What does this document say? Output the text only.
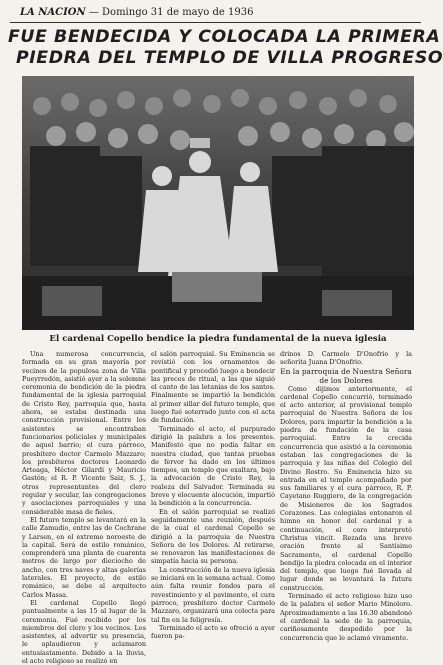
LA NACION — Domingo 31 de mayo de 1936
FUE BENDECIDA Y COLOCADA LA PRIMERA
PIEDRA DEL TEMPLO DE VILLA PROGRESO
El cardenal Copello bendice la piedra fundamental de la nueva iglesia

Una numerosa concurrencia, formada en su gran mayoría por vecinos de la populosa zona de Villa Pueyrredón, asistió ayer a la solemne ceremonia de bendición de la piedra fundamental de la iglesia parroquial de Cristo Rey, parroquia que, hasta ahora, se estaba destinada una construcción provisional. Entre los asistentes se encontraban funcionarios policiales y municipales de aquel barrio; el cura párroco, presbítero doctor Carmelo Mazzaro; los presbíteros doctores Leonardo Arteaga, Héctor Gilardi y Mauricio Gastón; el R. P. Vicente Saiz, S. J., otros representantes del clero regular y secular, las congregaciones y asociaciones parroquiales y una considerable masa de fieles.

El futuro templo se levantará en la calle Zamudio, entre las de Cochrane y Larsen, en el extremo noroeste de la capital. Será de estilo románico, comprenderá una planta de cuarenta metros de largo por dieciocho de ancho, con tres naves y altas galerías laterales. El proyecto, de estilo románico, se debe al arquitecto Carlos Massa.

El cardenal Copello llegó puntualmente a las 15 al lugar de la ceremonia. Fué recibido por los miembros del clero y los vecinos. Los asistentes, al advertir su presencia, le aplaudieron y aclamaron entusiastamente. Debido a la lluvia, el acto religioso se realizó en

el salón parroquial. Su Eminencia se revistió con los ornamentos de pontifical y procedió luego a bendecir las preces de ritual, a las que siguió el canto de las letanías de los santos. Finalmente se impartió la bendición al primer sillar del futuro templo, que luego fué soterrado junto con el acta de fundación.

Terminado el acto, el purpurado dirigió la palabra a los presentes. Manifestó que no podía faltar en nuestra ciudad, que tantas pruebas de fervor ha dado en los últimos tiempos, un templo que exaltara, bajo la advocación de Cristo Rey, la realeza del Salvador. Terminada su breve y elocuente alocución, impartió la bendición a la concurrencia.

En el salón parroquial se realizó seguidamente una reunión, después de la cual el cardenal Copello se dirigió a la parroquia de Nuestra Señora de los Dolores. Al retirarse, se renovaron las manifestaciones de simpatía hacia su persona.

La construcción de la nueva iglesia se iniciará en la semana actual. Como aún falta reunir fondos para el revestimiento y el pavimento, el cura párroco, presbítero doctor Carmelo Mazzaro, organizará una colecta para tal fin en la feligresía.

Terminado el acto se ofreció a ayer fueron pa-

drinos D. Carmelo D'Onofrio y la señorita Juana D'Onofrio.

En la parroquia de Nuestra Señora de los Dolores

Como dijimos anteriormente, el cardenal Copello concurrió, terminado el acto anterior, al provisional templo parroquial de Nuestra Señora de los Dolores, para impartir la bendición a la piedra de fundación de la casa parroquial. Entre la crecida concurrencia que asistió a la ceremonia estaban las congregaciones de la parroquia y las niñas del Colegio del Divino Rostro. Su Eminencia hizo su entrada en el templo acompañado por sus familiares y el cura párroco, R. P. Cayetano Ruggiero, de la congregación de Misioneros de los Sagrados Corazones. Las colegialas entonaron el himno en honor del cardenal y a continuación, el coro interpretó Christus vincit. Rezada una breve oración frente al Santísimo Sacramento, el cardenal Copello bendijo la piedra colocada en el interior del templo, que luego fué llevada al lugar donde se levantará la futura construcción.

Terminado el acto religioso hizo uso de la palabra el señor Mario Minoloro. Aproximadamente a las 16.30 abandonó el cardenal la sede de la parroquia, cariñosamente despedido por la concurrencia que le aclamó vivamente.
